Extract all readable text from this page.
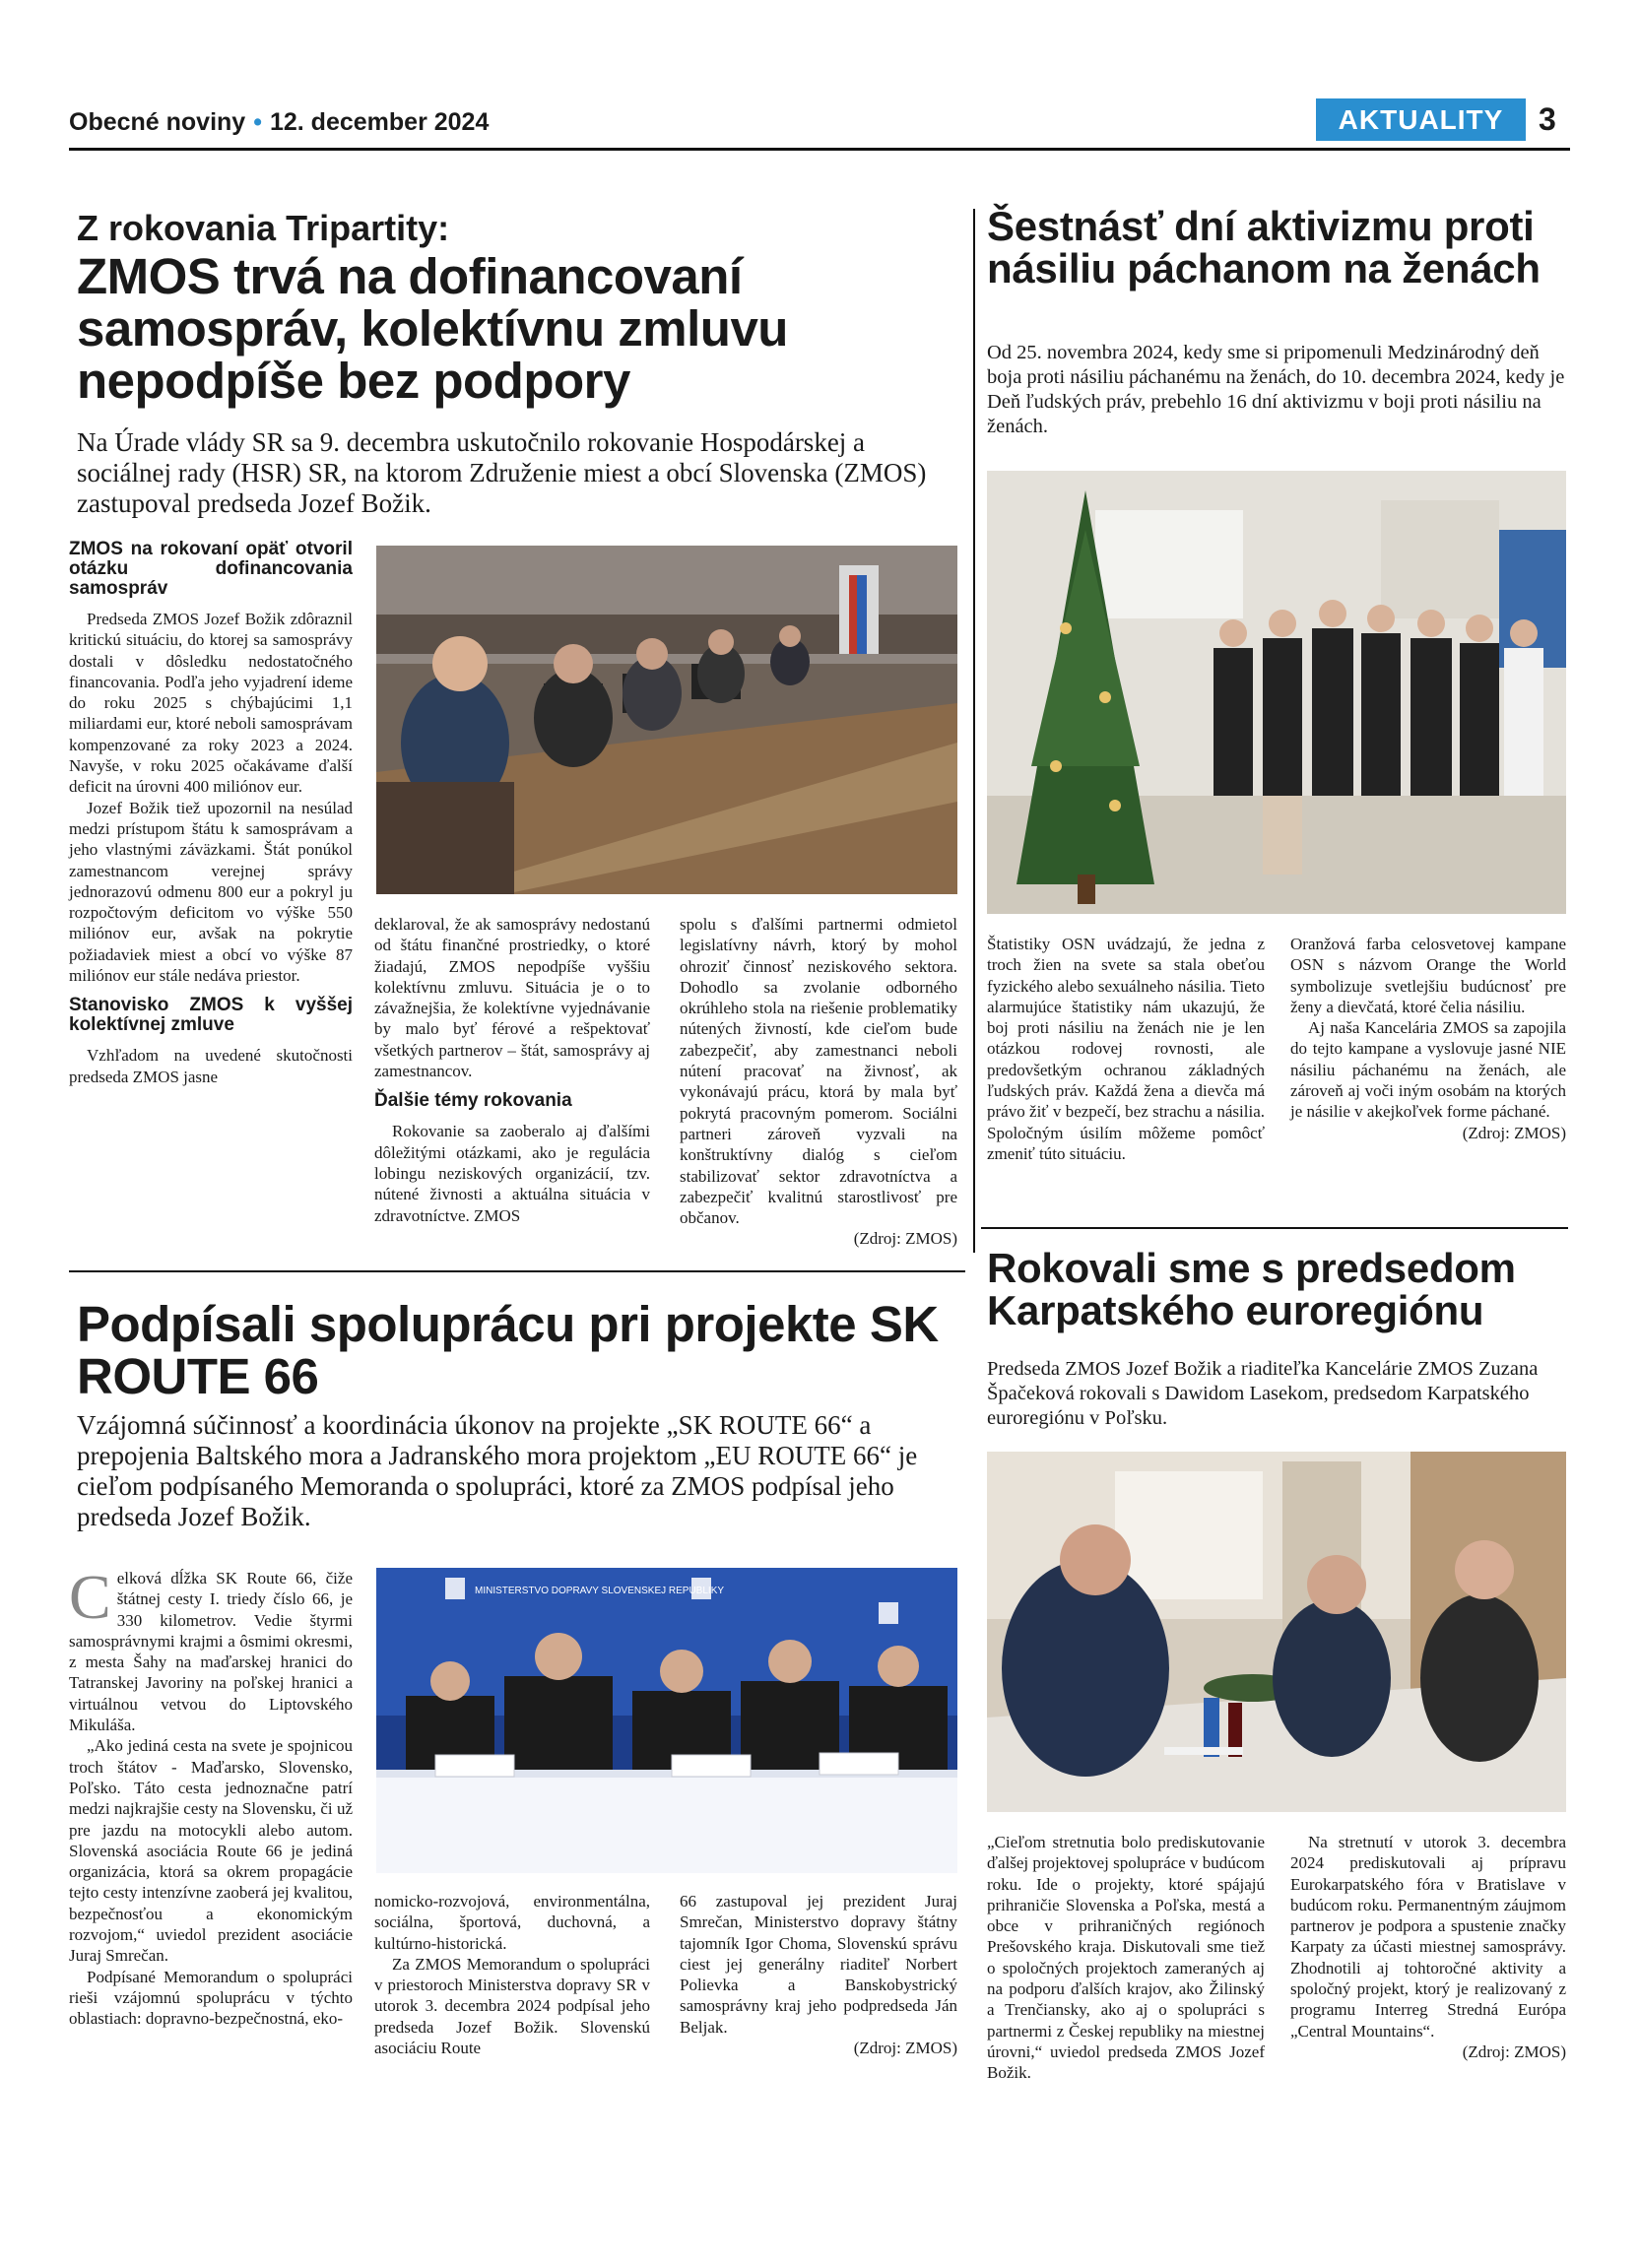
Obecné noviny • 12. december 2024	AKTUALITY	3
Z rokovania Tripartity:
ZMOS trvá na dofinancovaní samospráv, kolektívnu zmluvu nepodpíše bez podpory

Na Úrade vlády SR sa 9. decembra uskutočnilo rokovanie Hospodárskej a sociálnej rady (HSR) SR, na ktorom Združenie miest a obcí Slovenska (ZMOS) zastupoval predseda Jozef Božik.

ZMOS na rokovaní opäť otvoril otázku dofinancovania samospráv

Predseda ZMOS Jozef Božik zdôraznil kritickú situáciu, do ktorej sa samosprávy dostali v dôsledku nedostatočného financovania. Podľa jeho vyjadrení ideme do roku 2025 s chýbajúcimi 1,1 miliardami eur, ktoré neboli samosprávam kompenzované za roky 2023 a 2024. Navyše, v roku 2025 očakávame ďalší deficit na úrovni 400 miliónov eur.

Jozef Božik tiež upozornil na nesúlad medzi prístupom štátu k samosprávam a jeho vlastnými záväzkami. Štát ponúkol zamestnancom verejnej správy jednorazovú odmenu 800 eur a pokryl ju rozpočtovým deficitom vo výške 550 miliónov eur, avšak na pokrytie požiadaviek miest a obcí vo výške 87 miliónov eur stále nedáva priestor.

Stanovisko ZMOS k vyššej kolektívnej zmluve

Vzhľadom na uvedené skutočnosti predseda ZMOS jasne

deklaroval, že ak samosprávy nedostanú od štátu finančné prostriedky, o ktoré žiadajú, ZMOS nepodpíše vyššiu kolektívnu zmluvu. Situácia je o to závažnejšia, že kolektívne vyjednávanie by malo byť férové a rešpektovať všetkých partnerov – štát, samosprávy aj zamestnancov.

Ďalšie témy rokovania

Rokovanie sa zaoberalo aj ďalšími dôležitými otázkami, ako je regulácia lobingu neziskových organizácií, tzv. nútené živnosti a aktuálna situácia v zdravotníctve. ZMOS

spolu s ďalšími partnermi odmietol legislatívny návrh, ktorý by mohol ohroziť činnosť neziskového sektora. Dohodlo sa zvolanie odborného okrúhleho stola na riešenie problematiky nútených živností, kde cieľom bude zabezpečiť, aby zamestnanci neboli nútení pracovať na živnosť, ak vykonávajú prácu, ktorá by mala byť pokrytá pracovným pomerom. Sociálni partneri zároveň vyzvali na konštruktívny dialóg s cieľom stabilizovať sektor zdravotníctva a zabezpečiť kvalitnú starostlivosť pre občanov.

(Zdroj: ZMOS)

Šestnásť dní aktivizmu proti násiliu páchanom na ženách

Od 25. novembra 2024, kedy sme si pripomenuli Medzinárodný deň boja proti násiliu páchanému na ženách, do 10. decembra 2024, kedy je Deň ľudských práv, prebehlo 16 dní aktivizmu v boji proti násiliu na ženách.

Štatistiky OSN uvádzajú, že jedna z troch žien na svete sa stala obeťou fyzického alebo sexuálneho násilia. Tieto alarmujúce štatistiky nám ukazujú, že boj proti násiliu na ženách nie je len otázkou rodovej rovnosti, ale predovšetkým ochranou základných ľudských práv. Každá žena a dievča má právo žiť v bezpečí, bez strachu a násilia. Spoločným úsilím môžeme pomôcť zmeniť túto situáciu.

Oranžová farba celosvetovej kampane OSN s názvom Orange the World symbolizuje svetlejšiu budúcnosť pre ženy a dievčatá, ktoré čelia násiliu.

Aj naša Kancelária ZMOS sa zapojila do tejto kampane a vyslovuje jasné NIE násiliu páchanému na ženách, ale zároveň aj voči iným osobám na ktorých je násilie v akejkoľvek forme páchané.

(Zdroj: ZMOS)

Podpísali spoluprácu pri projekte SK ROUTE 66

Vzájomná súčinnosť a koordinácia úkonov na projekte „SK ROUTE 66“ a prepojenia Baltského mora a Jadranského mora projektom „EU ROUTE 66“ je cieľom podpísaného Memoranda o spolupráci, ktoré za ZMOS podpísal jeho predseda Jozef Božik.

MINISTERSTVO DOPRAVY SLOVENSKEJ REPUBLIKY
C elková dĺžka SK Route 66, čiže štátnej cesty I. triedy číslo 66, je 330 kilometrov. Vedie štyrmi samosprávnymi krajmi a ôsmimi okresmi, z mesta Šahy na maďarskej hranici do Tatranskej Javoriny na poľskej hranici a virtuálnou vetvou do Liptovského Mikuláša.

„Ako jediná cesta na svete je spojnicou troch štátov - Maďarsko, Slovensko, Poľsko. Táto cesta jednoznačne patrí medzi najkrajšie cesty na Slovensku, či už pre jazdu na motocykli alebo autom. Slovenská asociácia Route 66 je jediná organizácia, ktorá sa okrem propagácie tejto cesty intenzívne zaoberá jej kvalitou, bezpečnosťou a ekonomickým rozvojom,“ uviedol prezident asociácie Juraj Smrečan.

Podpísané Memorandum o spolupráci rieši vzájomnú spoluprácu v týchto oblastiach: dopravno-bezpečnostná, eko-

nomicko-rozvojová, environmentálna, sociálna, športová, duchovná, a kultúrno-historická.

Za ZMOS Memorandum o spolupráci v priestoroch Ministerstva dopravy SR v utorok 3. decembra 2024 podpísal jeho predseda Jozef Božik. Slovenskú asociáciu Route

66 zastupoval jej prezident Juraj Smrečan, Ministerstvo dopravy štátny tajomník Igor Choma, Slovenskú správu ciest jej generálny riaditeľ Norbert Polievka a Banskobystrický samosprávny kraj jeho podpredseda Ján Beljak.

(Zdroj: ZMOS)

Rokovali sme s predsedom Karpatského euroregiónu

Predseda ZMOS Jozef Božik a riaditeľka Kancelárie ZMOS Zuzana Špačeková rokovali s Dawidom Lasekom, predsedom Karpatského euroregiónu v Poľsku.

„Cieľom stretnutia bolo prediskutovanie ďalšej projektovej spolupráce v budúcom roku. Ide o projekty, ktoré spájajú prihraničie Slovenska a Poľska, mestá a obce v prihraničných regiónoch Prešovského kraja. Diskutovali sme tiež o spoločných projektoch zameraných aj na podporu ďalších krajov, ako Žilinský a Trenčiansky, ako aj o spolupráci s partnermi z Českej republiky na miestnej úrovni,“ uviedol predseda ZMOS Jozef Božik.

Na stretnutí v utorok 3. decembra 2024 prediskutovali aj prípravu Eurokarpatského fóra v Bratislave v budúcom roku. Permanentným záujmom partnerov je podpora a spustenie značky Karpaty za účasti miestnej samosprávy. Zhodnotili aj tohtoročné aktivity a spoločný projekt, ktorý je realizovaný z programu Interreg Stredná Európa „Central Mountains“.

(Zdroj: ZMOS)
